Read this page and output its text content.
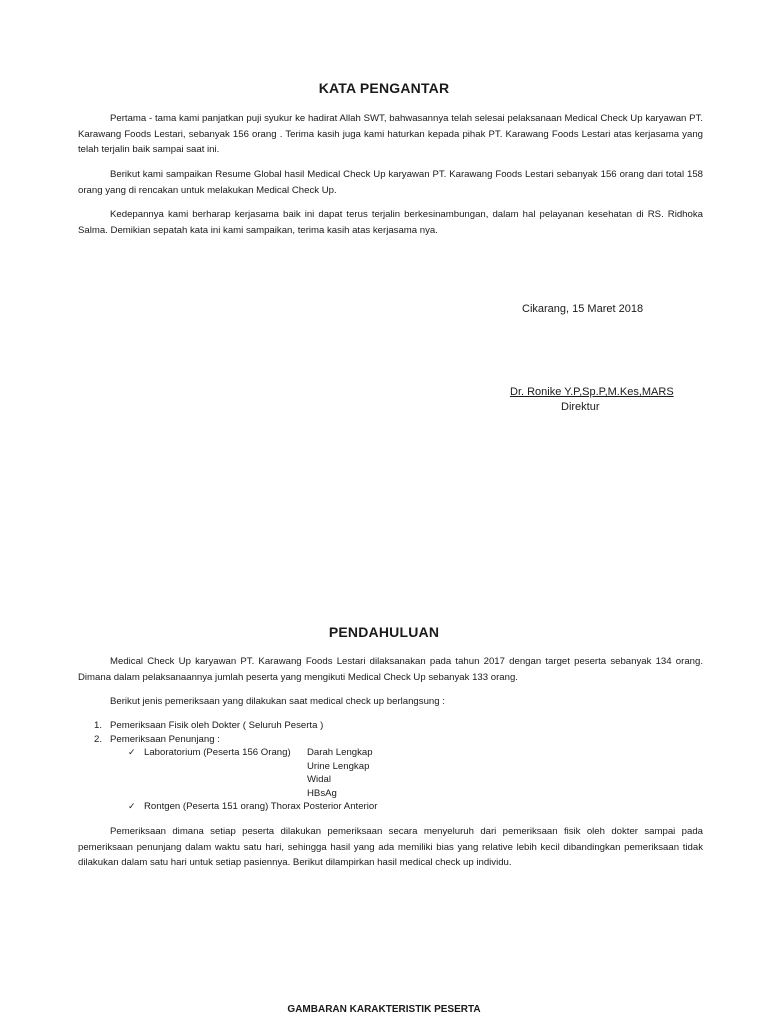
KATA PENGANTAR

Pertama - tama kami panjatkan puji syukur ke hadirat Allah SWT, bahwasannya telah selesai pelaksanaan Medical Check Up karyawan PT. Karawang Foods Lestari, sebanyak 156 orang . Terima kasih juga kami haturkan kepada pihak PT. Karawang Foods Lestari atas kerjasama yang telah terjalin baik sampai saat ini.

Berikut kami sampaikan Resume Global hasil Medical Check Up karyawan PT. Karawang Foods Lestari sebanyak 156 orang dari total 158 orang yang di rencakan untuk melakukan Medical Check Up.

Kedepannya kami berharap kerjasama baik ini dapat terus terjalin berkesinambungan, dalam hal pelayanan kesehatan di RS. Ridhoka Salma. Demikian sepatah kata ini kami sampaikan, terima kasih atas kerjasama nya.

Cikarang, 15 Maret 2018
Dr. Ronike Y.P,Sp.P,M.Kes,MARS
Direktur
PENDAHULUAN

Medical Check Up karyawan PT. Karawang Foods Lestari dilaksanakan pada tahun 2017 dengan target peserta sebanyak 134 orang. Dimana dalam pelaksanaannya jumlah peserta yang mengikuti Medical Check Up sebanyak 133 orang.

Berikut jenis pemeriksaan yang dilakukan saat medical check up berlangsung :

1. Pemeriksaan Fisik oleh Dokter ( Seluruh Peserta )
2. Pemeriksaan Penunjang :
✓ Laboratorium (Peserta 156 Orang) Darah Lengkap
Urine Lengkap
Widal
HBsAg
✓ Rontgen (Peserta 151 orang) Thorax Posterior Anterior

Pemeriksaan dimana setiap peserta dilakukan pemeriksaan secara menyeluruh dari pemeriksaan fisik oleh dokter sampai pada pemeriksaan penunjang dalam waktu satu hari, sehingga hasil yang ada memiliki bias yang relative lebih kecil dibandingkan pemeriksaan tidak dilakukan dalam satu hari untuk setiap pasiennya. Berikut dilampirkan hasil medical check up individu.

GAMBARAN KARAKTERISTIK PESERTA
